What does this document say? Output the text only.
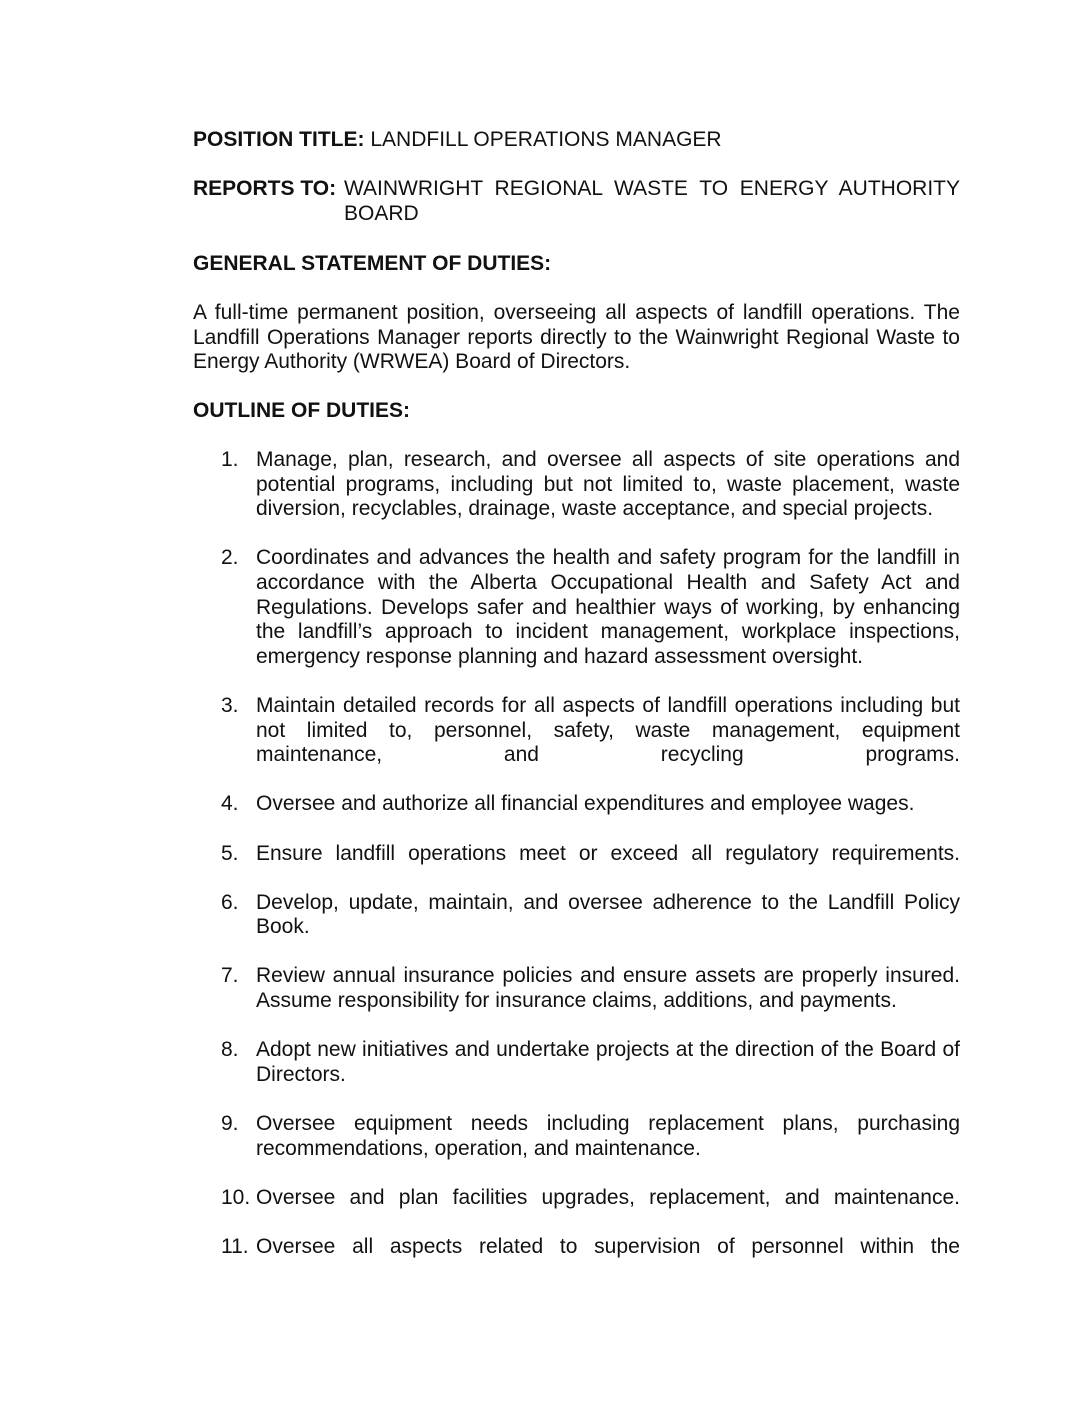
POSITION TITLE: LANDFILL OPERATIONS MANAGER
REPORTS TO: WAINWRIGHT REGIONAL WASTE TO ENERGY AUTHORITY
BOARD
GENERAL STATEMENT OF DUTIES:
A full-time permanent position, overseeing all aspects of landfill operations. The Landfill Operations Manager reports directly to the Wainwright Regional Waste to Energy Authority (WRWEA) Board of Directors.
OUTLINE OF DUTIES:
1. Manage, plan, research, and oversee all aspects of site operations and potential programs, including but not limited to, waste placement, waste diversion, recyclables, drainage, waste acceptance, and special projects.
2. Coordinates and advances the health and safety program for the landfill in accordance with the Alberta Occupational Health and Safety Act and Regulations. Develops safer and healthier ways of working, by enhancing the landfill’s approach to incident management, workplace inspections, emergency response planning and hazard assessment oversight.
3. Maintain detailed records for all aspects of landfill operations including but not limited to, personnel, safety, waste management, equipment maintenance, and recycling programs.
4. Oversee and authorize all financial expenditures and employee wages.
5. Ensure landfill operations meet or exceed all regulatory requirements.
6. Develop, update, maintain, and oversee adherence to the Landfill Policy Book.
7. Review annual insurance policies and ensure assets are properly insured. Assume responsibility for insurance claims, additions, and payments.
8. Adopt new initiatives and undertake projects at the direction of the Board of Directors.
9. Oversee equipment needs including replacement plans, purchasing recommendations, operation, and maintenance.
10. Oversee and plan facilities upgrades, replacement, and maintenance.
11. Oversee all aspects related to supervision of personnel within the
